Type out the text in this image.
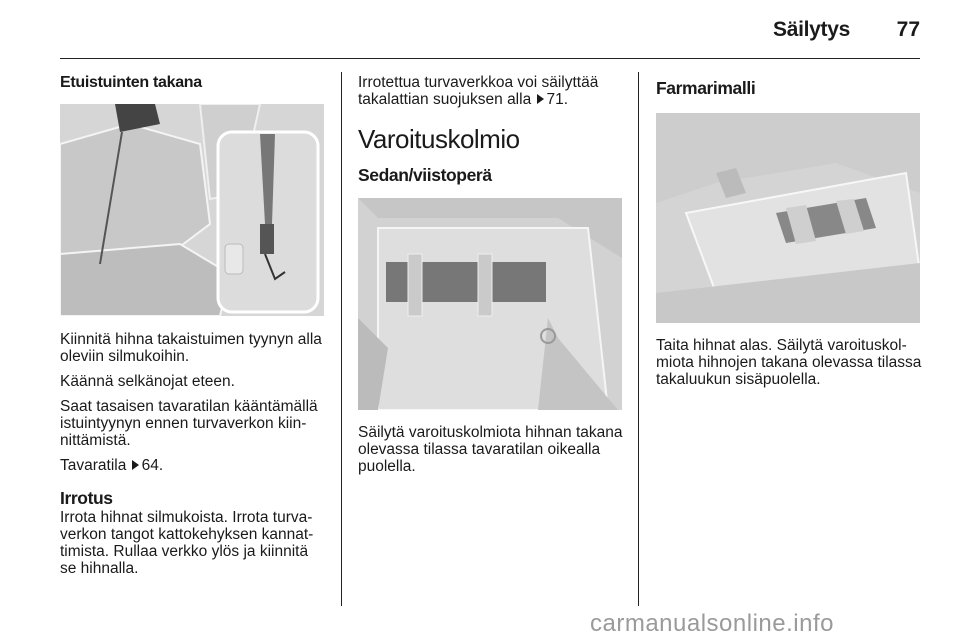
Säilytys	77
Etuistuinten takana

Kiinnitä hihna takaistuimen tyynyn alla oleviin silmukoihin.

Käännä selkänojat eteen.

Saat tasaisen tavaratilan kääntämällä istuintyynyn ennen turvaverkon kiinnittämistä.

Tavaratila 64.

Irrotus

Irrota hihnat silmukoista. Irrota turvaverkon tangot kattokehyksen kannattimista. Rullaa verkko ylös ja kiinnitä se hihnalla.

Irrotettua turvaverkkoa voi säilyttää takalattian suojuksen alla 71.

Varoituskolmio
Sedan/viistoperä

Säilytä varoituskolmiota hihnan takana olevassa tilassa tavaratilan oikealla puolella.

Farmarimalli

Taita hihnat alas. Säilytä varoituskolmiota hihnojen takana olevassa tilassa takaluukun sisäpuolella.

carmanualsonline.info
